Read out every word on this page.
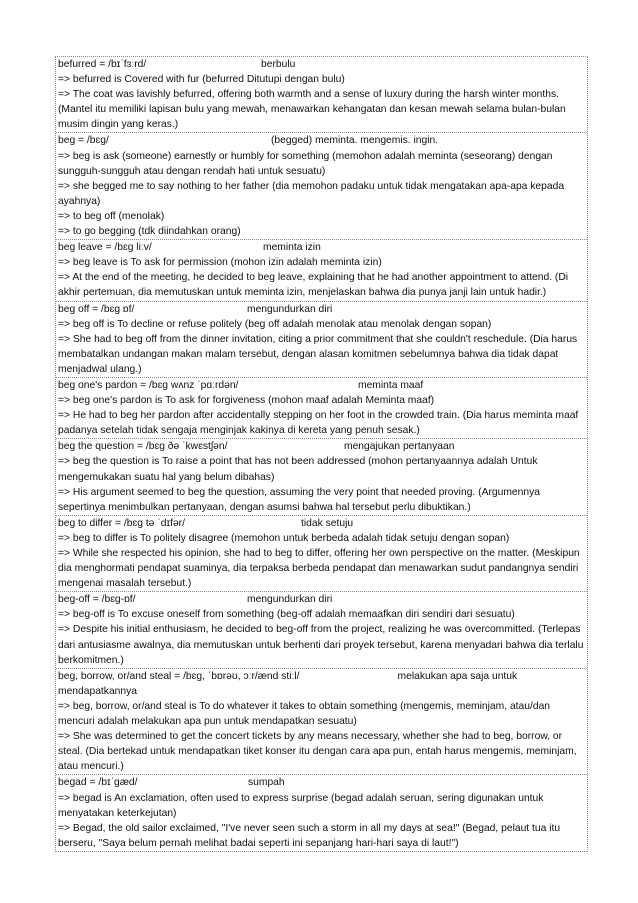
befurred = /bɪˈfɜːrd/	berbulu
=> befurred is Covered with fur (befurred Ditutupi dengan bulu)
=> The coat was lavishly befurred, offering both warmth and a sense of luxury during the harsh winter months. (Mantel itu memiliki lapisan bulu yang mewah, menawarkan kehangatan dan kesan mewah selama bulan-bulan musim dingin yang keras.)
beg = /bɛɡ/	(begged) meminta. mengemis. ingin.
=> beg is ask (someone) earnestly or humbly for something (memohon adalah meminta (seseorang) dengan sungguh-sungguh atau dengan rendah hati untuk sesuatu)
=> she begged me to say nothing to her father (dia memohon padaku untuk tidak mengatakan apa-apa kepada ayahnya)
=> to beg off (menolak)
=> to go begging (tdk diindahkan orang)
beg leave = /bɛɡ liːv/	meminta izin
=> beg leave is To ask for permission (mohon izin adalah meminta izin)
=> At the end of the meeting, he decided to beg leave, explaining that he had another appointment to attend. (Di akhir pertemuan, dia memutuskan untuk meminta izin, menjelaskan bahwa dia punya janji lain untuk hadir.)
beg off = /bɛɡ ɒf/	mengundurkan diri
=> beg off is To decline or refuse politely (beg off adalah menolak atau menolak dengan sopan)
=> She had to beg off from the dinner invitation, citing a prior commitment that she couldn't reschedule. (Dia harus membatalkan undangan makan malam tersebut, dengan alasan komitmen sebelumnya bahwa dia tidak dapat menjadwal ulang.)
beg one's pardon = /bɛɡ wʌnz ˈpɑːrdən/	meminta maaf
=> beg one's pardon is To ask for forgiveness (mohon maaf adalah Meminta maaf)
=> He had to beg her pardon after accidentally stepping on her foot in the crowded train. (Dia harus meminta maaf padanya setelah tidak sengaja menginjak kakinya di kereta yang penuh sesak.)
beg the question = /bɛɡ ðə ˈkwɛstʃən/	mengajukan pertanyaan
=> beg the question is To raise a point that has not been addressed (mohon pertanyaannya adalah Untuk mengemukakan suatu hal yang belum dibahas)
=> His argument seemed to beg the question, assuming the very point that needed proving. (Argumennya sepertinya menimbulkan pertanyaan, dengan asumsi bahwa hal tersebut perlu dibuktikan.)
beg to differ = /bɛɡ tə ˈdɪfər/	tidak setuju
=> beg to differ is To politely disagree (memohon untuk berbeda adalah tidak setuju dengan sopan)
=> While she respected his opinion, she had to beg to differ, offering her own perspective on the matter. (Meskipun dia menghormati pendapat suaminya, dia terpaksa berbeda pendapat dan menawarkan sudut pandangnya sendiri mengenai masalah tersebut.)
beg-off = /bɛɡ-ɒf/	mengundurkan diri
=> beg-off is To excuse oneself from something (beg-off adalah memaafkan diri sendiri dari sesuatu)
=> Despite his initial enthusiasm, he decided to beg-off from the project, realizing he was overcommitted. (Terlepas dari antusiasme awalnya, dia memutuskan untuk berhenti dari proyek tersebut, karena menyadari bahwa dia terlalu berkomitmen.)
beg, borrow, or/and steal = /bɛɡ, ˈbɒrəʊ, ɔːr/ænd stiːl/	melakukan apa saja untuk mendapatkannya
=> beg, borrow, or/and steal is To do whatever it takes to obtain something (mengemis, meminjam, atau/dan mencuri adalah melakukan apa pun untuk mendapatkan sesuatu)
=> She was determined to get the concert tickets by any means necessary, whether she had to beg, borrow, or steal. (Dia bertekad untuk mendapatkan tiket konser itu dengan cara apa pun, entah harus mengemis, meminjam, atau mencuri.)
begad = /bɪˈɡæd/	sumpah
=> begad is An exclamation, often used to express surprise (begad adalah seruan, sering digunakan untuk menyatakan keterkejutan)
=> Begad, the old sailor exclaimed, "I've never seen such a storm in all my days at sea!" (Begad, pelaut tua itu berseru, "Saya belum pernah melihat badai seperti ini sepanjang hari-hari saya di laut!")
